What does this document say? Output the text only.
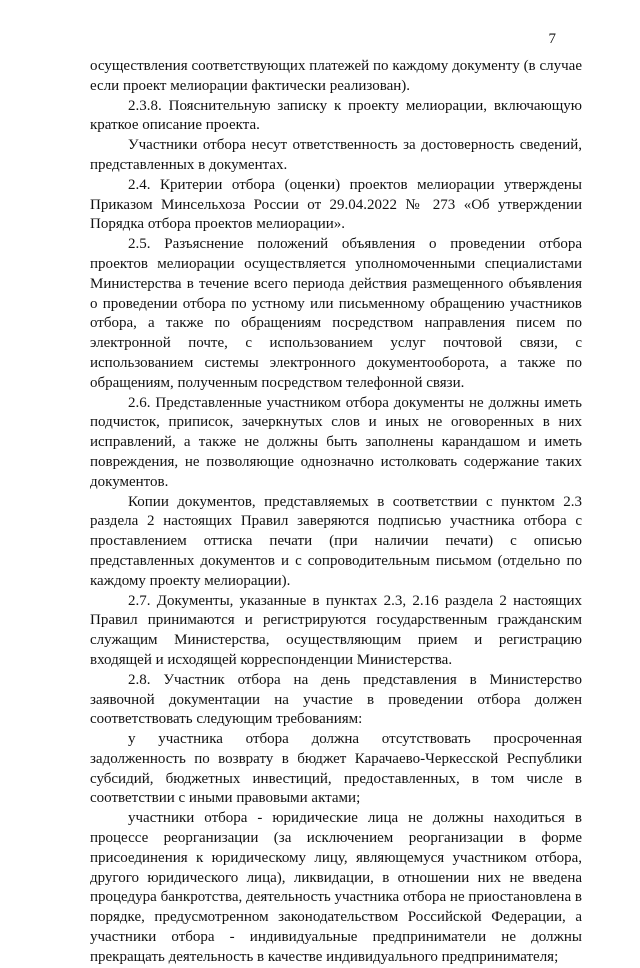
7

осуществления соответствующих платежей по каждому документу (в случае если проект мелиорации фактически реализован).

2.3.8. Пояснительную записку к проекту мелиорации, включающую краткое описание проекта.

Участники отбора несут ответственность за достоверность сведений, представленных в документах.

2.4. Критерии отбора (оценки) проектов мелиорации утверждены Приказом Минсельхоза России от 29.04.2022 № 273 «Об утверждении Порядка отбора проектов мелиорации».

2.5. Разъяснение положений объявления о проведении отбора проектов мелиорации осуществляется уполномоченными специалистами Министерства в течение всего периода действия размещенного объявления о проведении отбора по устному или письменному обращению участников отбора, а также по обращениям посредством направления писем по электронной почте, с использованием услуг почтовой связи, с использованием системы электронного документооборота, а также по обращениям, полученным посредством телефонной связи.

2.6. Представленные участником отбора документы не должны иметь подчисток, приписок, зачеркнутых слов и иных не оговоренных в них исправлений, а также не должны быть заполнены карандашом и иметь повреждения, не позволяющие однозначно истолковать содержание таких документов.

Копии документов, представляемых в соответствии с пунктом 2.3 раздела 2 настоящих Правил заверяются подписью участника отбора с проставлением оттиска печати (при наличии печати) с описью представленных документов и с сопроводительным письмом (отдельно по каждому проекту мелиорации).

2.7. Документы, указанные в пунктах 2.3, 2.16 раздела 2 настоящих Правил принимаются и регистрируются государственным гражданским служащим Министерства, осуществляющим прием и регистрацию входящей и исходящей корреспонденции Министерства.

2.8. Участник отбора на день представления в Министерство заявочной документации на участие в проведении отбора должен соответствовать следующим требованиям:

у участника отбора должна отсутствовать просроченная задолженность по возврату в бюджет Карачаево-Черкесской Республики субсидий, бюджетных инвестиций, предоставленных, в том числе в соответствии с иными правовыми актами;

участники отбора - юридические лица не должны находиться в процессе реорганизации (за исключением реорганизации в форме присоединения к юридическому лицу, являющемуся участником отбора, другого юридического лица), ликвидации, в отношении них не введена процедура банкротства, деятельность участника отбора не приостановлена в порядке, предусмотренном законодательством Российской Федерации, а участники отбора - индивидуальные предприниматели не должны прекращать деятельность в качестве индивидуального предпринимателя;
